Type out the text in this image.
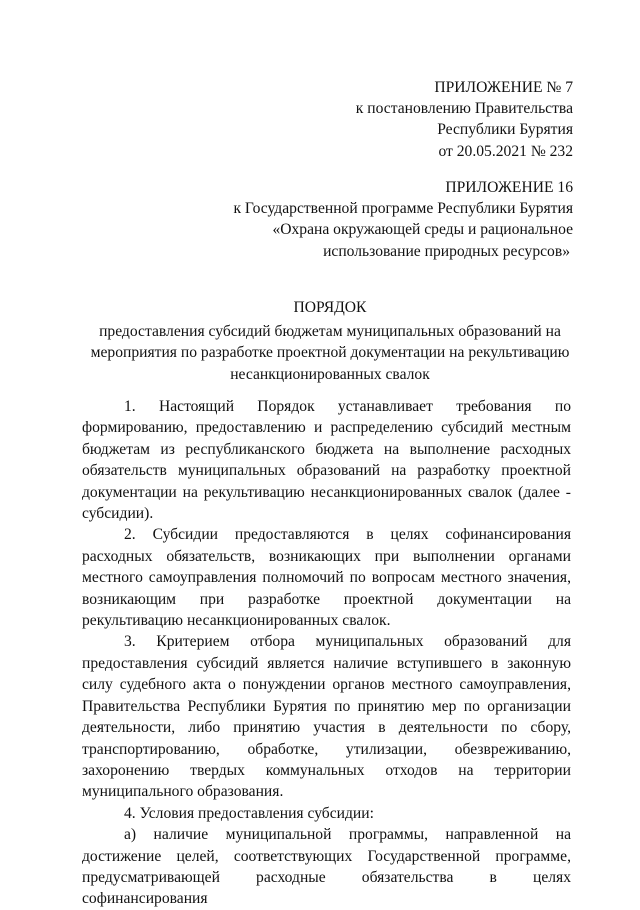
ПРИЛОЖЕНИЕ № 7
к постановлению Правительства
Республики Бурятия
от 20.05.2021 № 232
ПРИЛОЖЕНИЕ 16
к Государственной программе Республики Бурятия
«Охрана окружающей среды и рациональное
использование природных ресурсов»
ПОРЯДОК
предоставления субсидий бюджетам муниципальных образований на
мероприятия по разработке проектной документации на рекультивацию
несанкционированных свалок

1. Настоящий Порядок устанавливает требования по формированию, предоставлению и распределению субсидий местным бюджетам из республиканского бюджета на выполнение расходных обязательств муниципальных образований на разработку проектной документации на рекультивацию несанкционированных свалок (далее - субсидии).

2. Субсидии предоставляются в целях софинансирования расходных обязательств, возникающих при выполнении органами местного самоуправления полномочий по вопросам местного значения, возникающим при разработке проектной документации на рекультивацию несанкционированных свалок.

3. Критерием отбора муниципальных образований для предоставления субсидий является наличие вступившего в законную силу судебного акта о понуждении органов местного самоуправления, Правительства Республики Бурятия по принятию мер по организации деятельности, либо принятию участия в деятельности по сбору, транспортированию, обработке, утилизации, обезвреживанию, захоронению твердых коммунальных отходов на территории муниципального образования.

4. Условия предоставления субсидии:

а) наличие муниципальной программы, направленной на достижение целей, соответствующих Государственной программе, предусматривающей расходные обязательства в целях софинансирования
